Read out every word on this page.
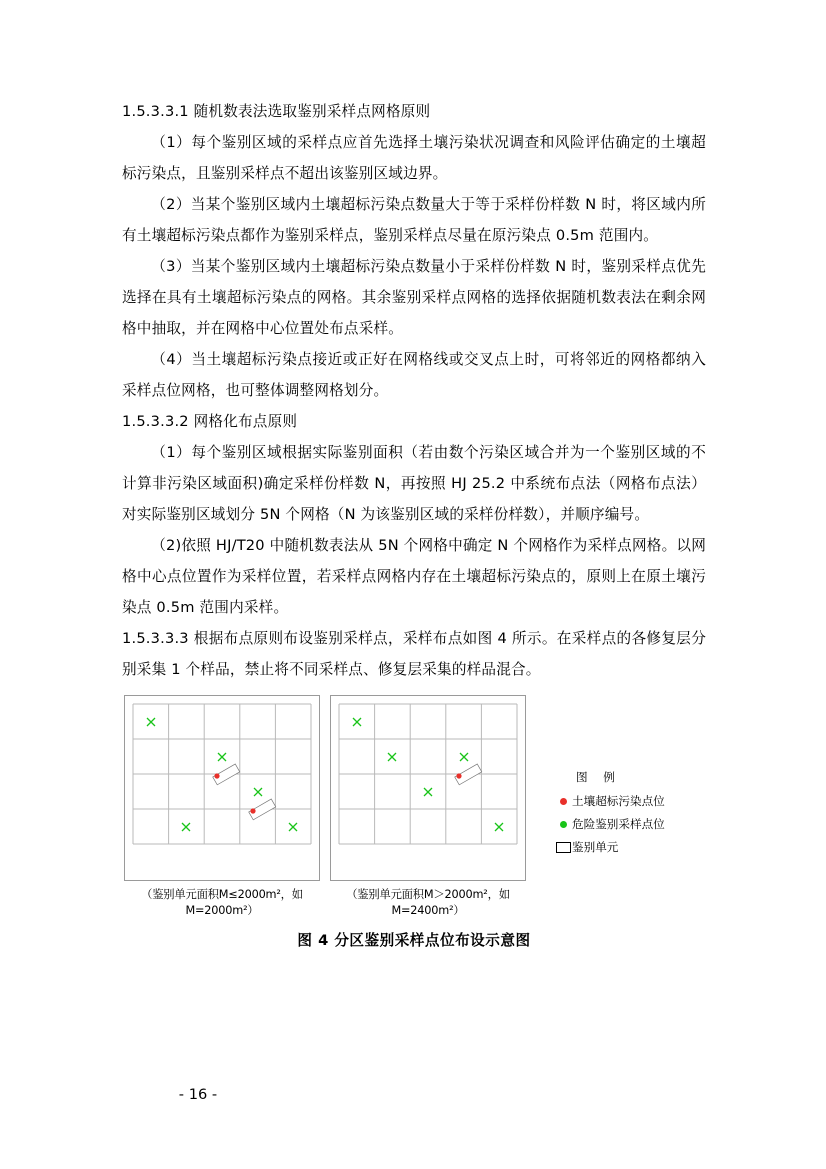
1.5.3.3.1 随机数表法选取鉴别采样点网格原则

（1）每个鉴别区域的采样点应首先选择土壤污染状况调查和风险评估确定的土壤超标污染点，且鉴别采样点不超出该鉴别区域边界。

（2）当某个鉴别区域内土壤超标污染点数量大于等于采样份样数 N 时，将区域内所有土壤超标污染点都作为鉴别采样点，鉴别采样点尽量在原污染点 0.5m 范围内。

（3）当某个鉴别区域内土壤超标污染点数量小于采样份样数 N 时，鉴别采样点优先选择在具有土壤超标污染点的网格。其余鉴别采样点网格的选择依据随机数表法在剩余网格中抽取，并在网格中心位置处布点采样。

（4）当土壤超标污染点接近或正好在网格线或交叉点上时，可将邻近的网格都纳入采样点位网格，也可整体调整网格划分。

1.5.3.3.2 网格化布点原则

（1）每个鉴别区域根据实际鉴别面积（若由数个污染区域合并为一个鉴别区域的不计算非污染区域面积)确定采样份样数 N，再按照 HJ 25.2 中系统布点法（网格布点法）对实际鉴别区域划分 5N 个网格（N 为该鉴别区域的采样份样数），并顺序编号。

（2)依照 HJ/T20 中随机数表法从 5N 个网格中确定 N 个网格作为采样点网格。以网格中心点位置作为采样位置，若采样点网格内存在土壤超标污染点的，原则上在原土壤污染点 0.5m 范围内采样。

1.5.3.3.3 根据布点原则布设鉴别采样点，采样布点如图 4 所示。在采样点的各修复层分别采集 1 个样品，禁止将不同采样点、修复层采集的样品混合。

（鉴别单元面积M≤2000m²，如M=2000m²）
（鉴别单元面积M＞2000m²，如M=2400m²）
图 例
土壤超标污染点位
危险鉴别采样点位
鉴别单元
图 4 分区鉴别采样点位布设示意图
- 16 -
